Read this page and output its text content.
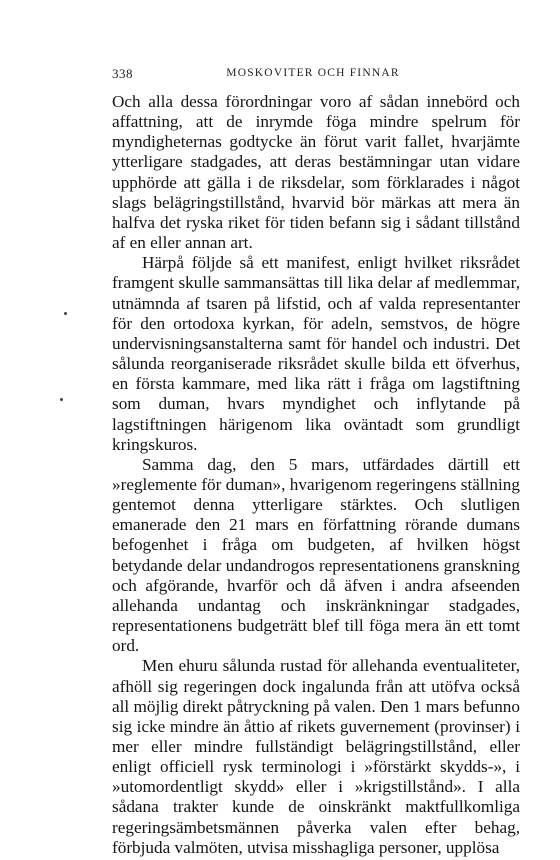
338	MOSKOVITER OCH FINNAR

Och alla dessa förordningar voro af sådan innebörd och affattning, att de inrymde föga mindre spelrum för myndigheternas godtycke än förut varit fallet, hvarjämte ytterligare stadgades, att deras bestämningar utan vidare upphörde att gälla i de riksdelar, som förklarades i något slags belägringstillstånd, hvarvid bör märkas att mera än halfva det ryska riket för tiden befann sig i sådant tillstånd af en eller annan art.

Härpå följde så ett manifest, enligt hvilket riksrådet framgent skulle sammansättas till lika delar af medlemmar, utnämnda af tsaren på lifstid, och af valda representanter för den ortodoxa kyrkan, för adeln, semstvos, de högre undervisningsanstalterna samt för handel och industri. Det sålunda reorganiserade riksrådet skulle bilda ett öfverhus, en första kammare, med lika rätt i fråga om lagstiftning som duman, hvars myndighet och inflytande på lagstiftningen härigenom lika oväntadt som grundligt kringskuros.

Samma dag, den 5 mars, utfärdades därtill ett »reglemente för duman», hvarigenom regeringens ställning gentemot denna ytterligare stärktes. Och slutligen emanerade den 21 mars en författning rörande dumans befogenhet i fråga om budgeten, af hvilken högst betydande delar undandrogos representationens granskning och afgörande, hvarför och då äfven i andra afseenden allehanda undantag och inskränkningar stadgades, representationens budgeträtt blef till föga mera än ett tomt ord.

Men ehuru sålunda rustad för allehanda eventualiteter, afhöll sig regeringen dock ingalunda från att utöfva också all möjlig direkt påtryckning på valen. Den 1 mars befunno sig icke mindre än åttio af rikets guvernement (provinser) i mer eller mindre fullständigt belägringstillstånd, eller enligt officiell rysk terminologi i »förstärkt skydds-», i »utomordentligt skydd» eller i »krigstillstånd». I alla sådana trakter kunde de oinskränkt maktfullkomliga regeringsämbetsmännen påverka valen efter behag, förbjuda valmöten, utvisa misshagliga personer, upplösa
